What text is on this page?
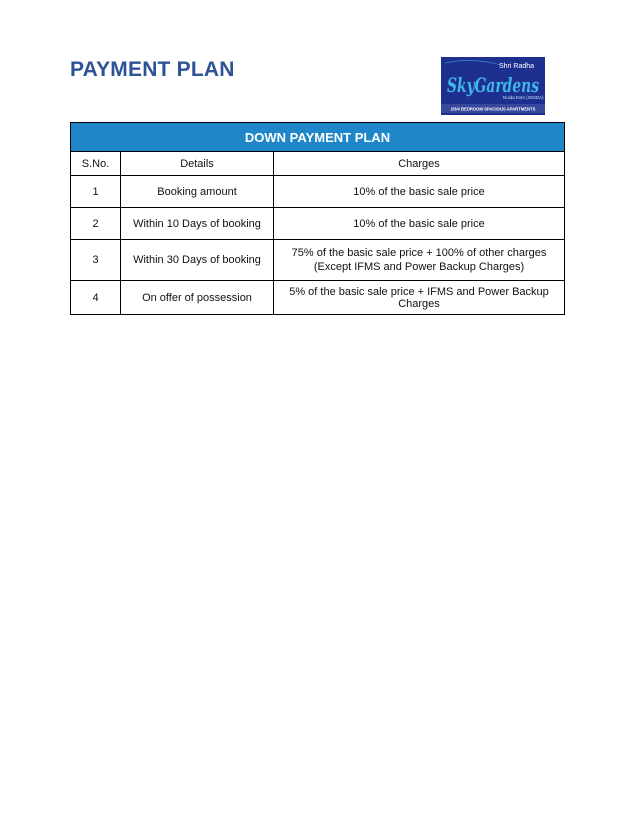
PAYMENT PLAN	Shri Radha
SkyGardens
Noida Extn (GNIDA)
2/3/4 BEDROOM SPACIOUS APARTMENTS
DOWN PAYMENT PLAN		
S.No.	Details	Charges
1	Booking amount	10% of the basic sale price
2	Within 10 Days of booking	10% of the basic sale price
3	Within 30 Days of booking	75% of the basic sale price + 100% of other charges (Except IFMS and Power Backup Charges)
4	On offer of possession	5% of the basic sale price + IFMS and Power Backup Charges
